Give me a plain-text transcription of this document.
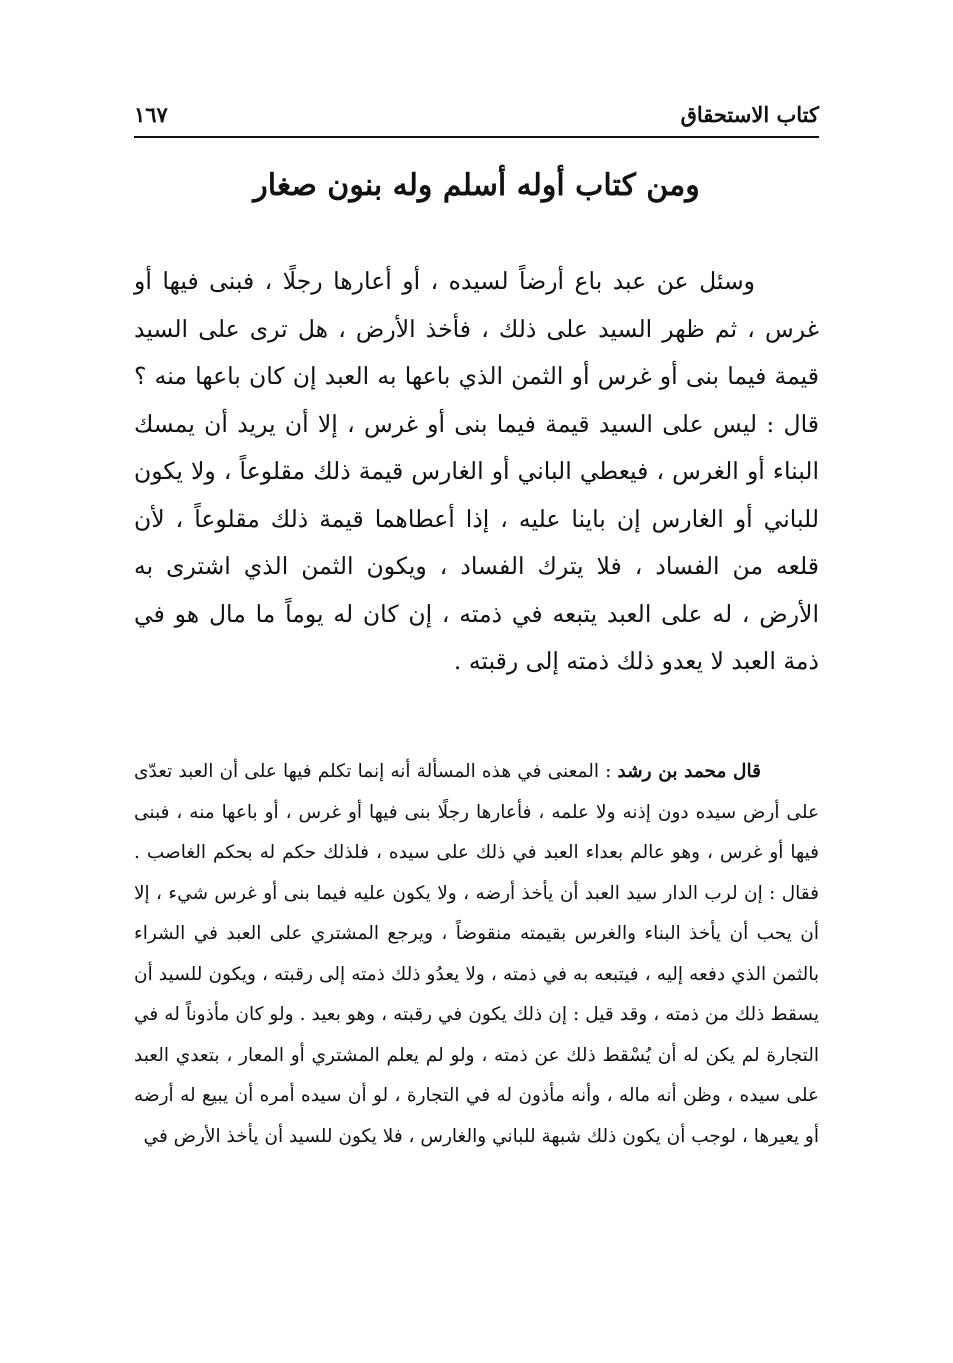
كتاب الاستحقاق
١٦٧
ومن كتاب أوله أسلم وله بنون صغار

وسئل عن عبد باع أرضاً لسيده ، أو أعارها رجلًا ، فبنى فيها أو غرس ، ثم ظهر السيد على ذلك ، فأخذ الأرض ، هل ترى على السيد قيمة فيما بنى أو غرس أو الثمن الذي باعها به العبد إن كان باعها منه ؟ قال : ليس على السيد قيمة فيما بنى أو غرس ، إلا أن يريد أن يمسك البناء أو الغرس ، فيعطي الباني أو الغارس قيمة ذلك مقلوعاً ، ولا يكون للباني أو الغارس إن باينا عليه ، إذا أعطاهما قيمة ذلك مقلوعاً ، لأن قلعه من الفساد ، فلا يترك الفساد ، ويكون الثمن الذي اشترى به الأرض ، له على العبد يتبعه في ذمته ، إن كان له يوماً ما مال هو في ذمة العبد لا يعدو ذلك ذمته إلى رقبته .

قال محمد بن رشد : المعنى في هذه المسألة أنه إنما تكلم فيها على أن العبد تعدّى على أرض سيده دون إذنه ولا علمه ، فأعارها رجلًا بنى فيها أو غرس ، أو باعها منه ، فبنى فيها أو غرس ، وهو عالم بعداء العبد في ذلك على سيده ، فلذلك حكم له بحكم الغاصب . فقال : إن لرب الدار سيد العبد أن يأخذ أرضه ، ولا يكون عليه فيما بنى أو غرس شيء ، إلا أن يحب أن يأخذ البناء والغرس بقيمته منقوضاً ، ويرجع المشتري على العبد في الشراء بالثمن الذي دفعه إليه ، فيتبعه به في ذمته ، ولا يعدُو ذلك ذمته إلى رقبته ، ويكون للسيد أن يسقط ذلك من ذمته ، وقد قيل : إن ذلك يكون في رقبته ، وهو بعيد . ولو كان مأذوناً له في التجارة لم يكن له أن يُسْقط ذلك عن ذمته ، ولو لم يعلم المشتري أو المعار ، بتعدي العبد على سيده ، وظن أنه ماله ، وأنه مأذون له في التجارة ، لو أن سيده أمره أن يبيع له أرضه أو يعيرها ، لوجب أن يكون ذلك شبهة للباني والغارس ، فلا يكون للسيد أن يأخذ الأرض في
